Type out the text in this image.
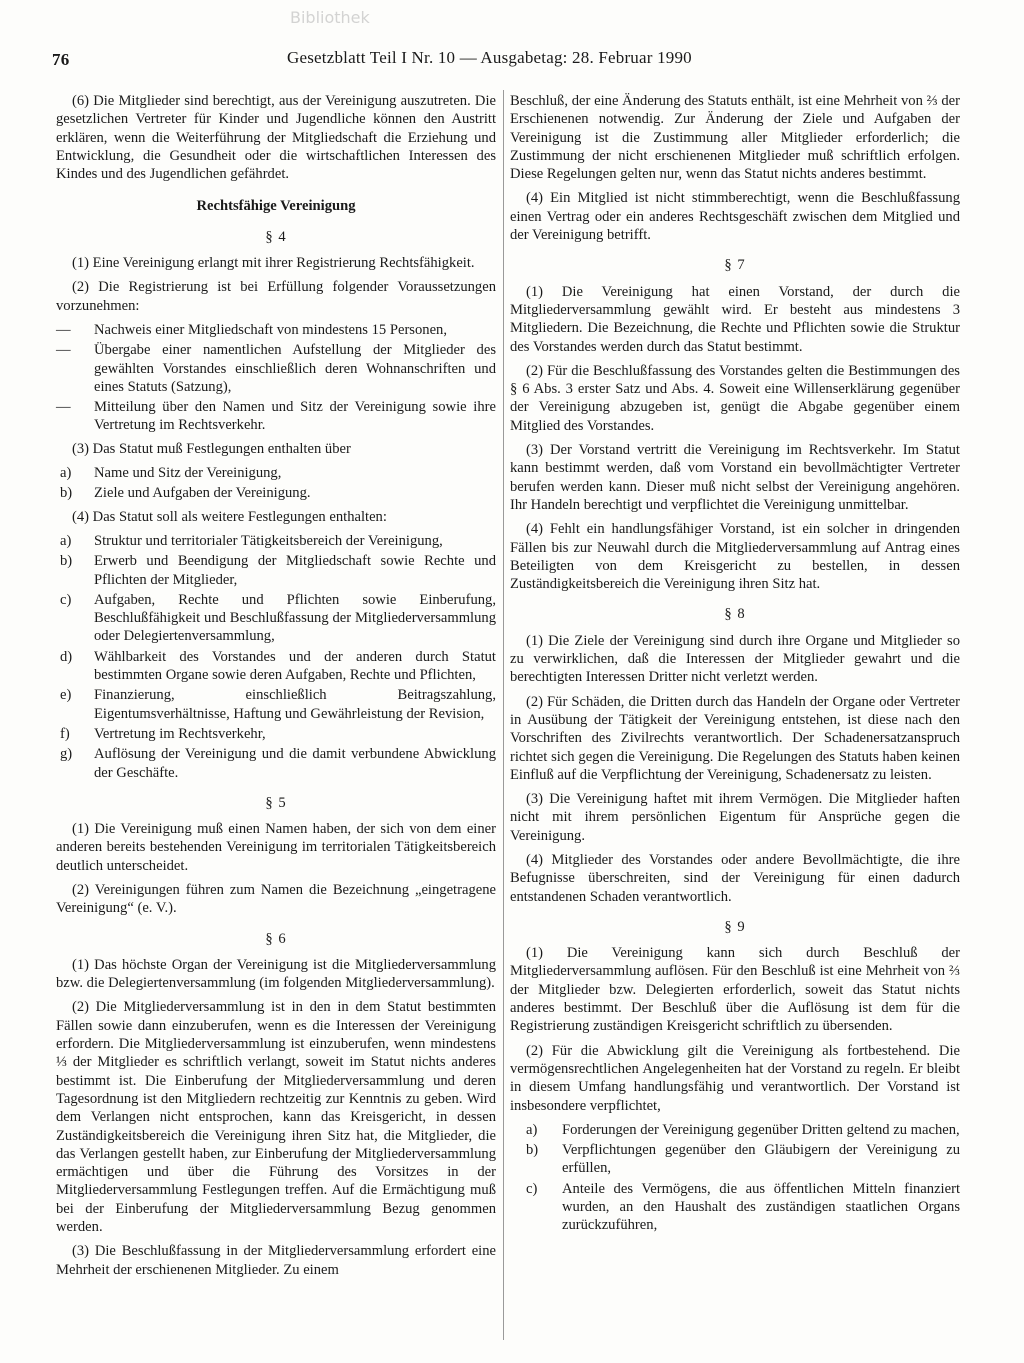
Bibliothek
76	Gesetzblatt Teil I Nr. 10 — Ausgabetag: 28. Februar 1990

(6) Die Mitglieder sind berechtigt, aus der Vereinigung auszutreten. Die gesetzlichen Vertreter für Kinder und Jugendliche können den Austritt erklären, wenn die Weiterführung der Mitgliedschaft die Erziehung und Entwicklung, die Gesundheit oder die wirtschaftlichen Interessen des Kindes und des Jugendlichen gefährdet.

Rechtsfähige Vereinigung

§ 4

(1) Eine Vereinigung erlangt mit ihrer Registrierung Rechtsfähigkeit.

(2) Die Registrierung ist bei Erfüllung folgender Voraussetzungen vorzunehmen:

— Nachweis einer Mitgliedschaft von mindestens 15 Personen,
— Übergabe einer namentlichen Aufstellung der Mitglieder des gewählten Vorstandes einschließlich deren Wohnanschriften und eines Statuts (Satzung),
— Mitteilung über den Namen und Sitz der Vereinigung sowie ihre Vertretung im Rechtsverkehr.

(3) Das Statut muß Festlegungen enthalten über

a) Name und Sitz der Vereinigung,
b) Ziele und Aufgaben der Vereinigung.

(4) Das Statut soll als weitere Festlegungen enthalten:

a) Struktur und territorialer Tätigkeitsbereich der Vereinigung,
b) Erwerb und Beendigung der Mitgliedschaft sowie Rechte und Pflichten der Mitglieder,
c) Aufgaben, Rechte und Pflichten sowie Einberufung, Beschlußfähigkeit und Beschlußfassung der Mitgliederversammlung oder Delegiertenversammlung,
d) Wählbarkeit des Vorstandes und der anderen durch Statut bestimmten Organe sowie deren Aufgaben, Rechte und Pflichten,
e) Finanzierung, einschließlich Beitragszahlung, Eigentumsverhältnisse, Haftung und Gewährleistung der Revision,
f) Vertretung im Rechtsverkehr,
g) Auflösung der Vereinigung und die damit verbundene Abwicklung der Geschäfte.

§ 5

(1) Die Vereinigung muß einen Namen haben, der sich von dem einer anderen bereits bestehenden Vereinigung im territorialen Tätigkeitsbereich deutlich unterscheidet.

(2) Vereinigungen führen zum Namen die Bezeichnung „eingetragene Vereinigung“ (e. V.).

§ 6

(1) Das höchste Organ der Vereinigung ist die Mitgliederversammlung bzw. die Delegiertenversammlung (im folgenden Mitgliederversammlung).

(2) Die Mitgliederversammlung ist in den in dem Statut bestimmten Fällen sowie dann einzuberufen, wenn es die Interessen der Vereinigung erfordern. Die Mitgliederversammlung ist einzuberufen, wenn mindestens ⅓ der Mitglieder es schriftlich verlangt, soweit im Statut nichts anderes bestimmt ist. Die Einberufung der Mitgliederversammlung und deren Tagesordnung ist den Mitgliedern rechtzeitig zur Kenntnis zu geben. Wird dem Verlangen nicht entsprochen, kann das Kreisgericht, in dessen Zuständigkeitsbereich die Vereinigung ihren Sitz hat, die Mitglieder, die das Verlangen gestellt haben, zur Einberufung der Mitgliederversammlung ermächtigen und über die Führung des Vorsitzes in der Mitgliederversammlung Festlegungen treffen. Auf die Ermächtigung muß bei der Einberufung der Mitgliederversammlung Bezug genommen werden.

(3) Die Beschlußfassung in der Mitgliederversammlung erfordert eine Mehrheit der erschienenen Mitglieder. Zu einem

Beschluß, der eine Änderung des Statuts enthält, ist eine Mehrheit von ⅔ der Erschienenen notwendig. Zur Änderung der Ziele und Aufgaben der Vereinigung ist die Zustimmung aller Mitglieder erforderlich; die Zustimmung der nicht erschienenen Mitglieder muß schriftlich erfolgen. Diese Regelungen gelten nur, wenn das Statut nichts anderes bestimmt.

(4) Ein Mitglied ist nicht stimmberechtigt, wenn die Beschlußfassung einen Vertrag oder ein anderes Rechtsgeschäft zwischen dem Mitglied und der Vereinigung betrifft.

§ 7

(1) Die Vereinigung hat einen Vorstand, der durch die Mitgliederversammlung gewählt wird. Er besteht aus mindestens 3 Mitgliedern. Die Bezeichnung, die Rechte und Pflichten sowie die Struktur des Vorstandes werden durch das Statut bestimmt.

(2) Für die Beschlußfassung des Vorstandes gelten die Bestimmungen des § 6 Abs. 3 erster Satz und Abs. 4. Soweit eine Willenserklärung gegenüber der Vereinigung abzugeben ist, genügt die Abgabe gegenüber einem Mitglied des Vorstandes.

(3) Der Vorstand vertritt die Vereinigung im Rechtsverkehr. Im Statut kann bestimmt werden, daß vom Vorstand ein bevollmächtigter Vertreter berufen werden kann. Dieser muß nicht selbst der Vereinigung angehören. Ihr Handeln berechtigt und verpflichtet die Vereinigung unmittelbar.

(4) Fehlt ein handlungsfähiger Vorstand, ist ein solcher in dringenden Fällen bis zur Neuwahl durch die Mitgliederversammlung auf Antrag eines Beteiligten von dem Kreisgericht zu bestellen, in dessen Zuständigkeitsbereich die Vereinigung ihren Sitz hat.

§ 8

(1) Die Ziele der Vereinigung sind durch ihre Organe und Mitglieder so zu verwirklichen, daß die Interessen der Mitglieder gewahrt und die berechtigten Interessen Dritter nicht verletzt werden.

(2) Für Schäden, die Dritten durch das Handeln der Organe oder Vertreter in Ausübung der Tätigkeit der Vereinigung entstehen, ist diese nach den Vorschriften des Zivilrechts verantwortlich. Der Schadenersatzanspruch richtet sich gegen die Vereinigung. Die Regelungen des Statuts haben keinen Einfluß auf die Verpflichtung der Vereinigung, Schadenersatz zu leisten.

(3) Die Vereinigung haftet mit ihrem Vermögen. Die Mitglieder haften nicht mit ihrem persönlichen Eigentum für Ansprüche gegen die Vereinigung.

(4) Mitglieder des Vorstandes oder andere Bevollmächtigte, die ihre Befugnisse überschreiten, sind der Vereinigung für einen dadurch entstandenen Schaden verantwortlich.

§ 9

(1) Die Vereinigung kann sich durch Beschluß der Mitgliederversammlung auflösen. Für den Beschluß ist eine Mehrheit von ⅔ der Mitglieder bzw. Delegierten erforderlich, soweit das Statut nichts anderes bestimmt. Der Beschluß über die Auflösung ist dem für die Registrierung zuständigen Kreisgericht schriftlich zu übersenden.

(2) Für die Abwicklung gilt die Vereinigung als fortbestehend. Die vermögensrechtlichen Angelegenheiten hat der Vorstand zu regeln. Er bleibt in diesem Umfang handlungsfähig und verantwortlich. Der Vorstand ist insbesondere verpflichtet,

a) Forderungen der Vereinigung gegenüber Dritten geltend zu machen,
b) Verpflichtungen gegenüber den Gläubigern der Vereinigung zu erfüllen,
c) Anteile des Vermögens, die aus öffentlichen Mitteln finanziert wurden, an den Haushalt des zuständigen staatlichen Organs zurückzuführen,
